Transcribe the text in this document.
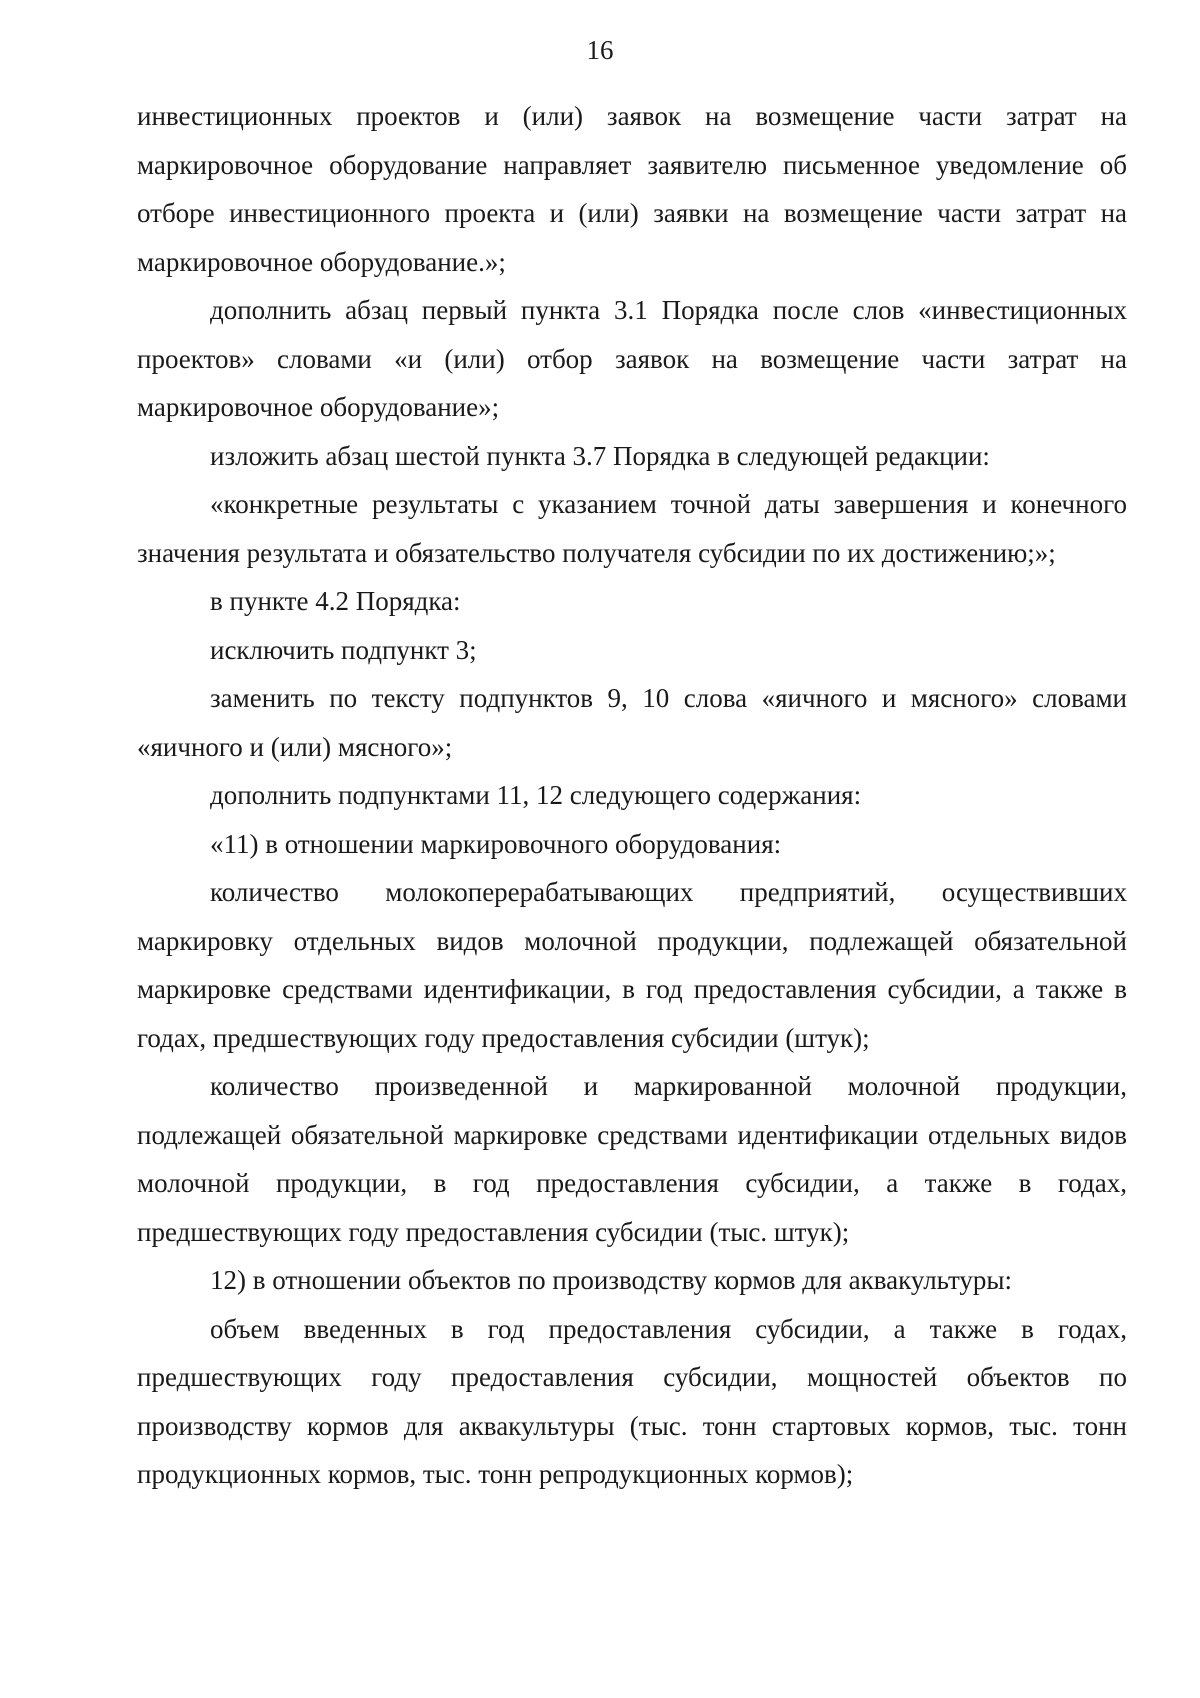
16

инвестиционных проектов и (или) заявок на возмещение части затрат на маркировочное оборудование направляет заявителю письменное уведомление об отборе инвестиционного проекта и (или) заявки на возмещение части затрат на маркировочное оборудование.»;

дополнить абзац первый пункта 3.1 Порядка после слов «инвестиционных проектов» словами «и (или) отбор заявок на возмещение части затрат на маркировочное оборудование»;

изложить абзац шестой пункта 3.7 Порядка в следующей редакции:

«конкретные результаты с указанием точной даты завершения и конечного значения результата и обязательство получателя субсидии по их достижению;»;

в пункте 4.2 Порядка:

исключить подпункт 3;

заменить по тексту подпунктов 9, 10 слова «яичного и мясного» словами «яичного и (или) мясного»;

дополнить подпунктами 11, 12 следующего содержания:

«11) в отношении маркировочного оборудования:

количество молокоперерабатывающих предприятий, осуществивших маркировку отдельных видов молочной продукции, подлежащей обязательной маркировке средствами идентификации, в год предоставления субсидии, а также в годах, предшествующих году предоставления субсидии (штук);

количество произведенной и маркированной молочной продукции, подлежащей обязательной маркировке средствами идентификации отдельных видов молочной продукции, в год предоставления субсидии, а также в годах, предшествующих году предоставления субсидии (тыс. штук);

12) в отношении объектов по производству кормов для аквакультуры:

объем введенных в год предоставления субсидии, а также в годах, предшествующих году предоставления субсидии, мощностей объектов по производству кормов для аквакультуры (тыс. тонн стартовых кормов, тыс. тонн продукционных кормов, тыс. тонн репродукционных кормов);
